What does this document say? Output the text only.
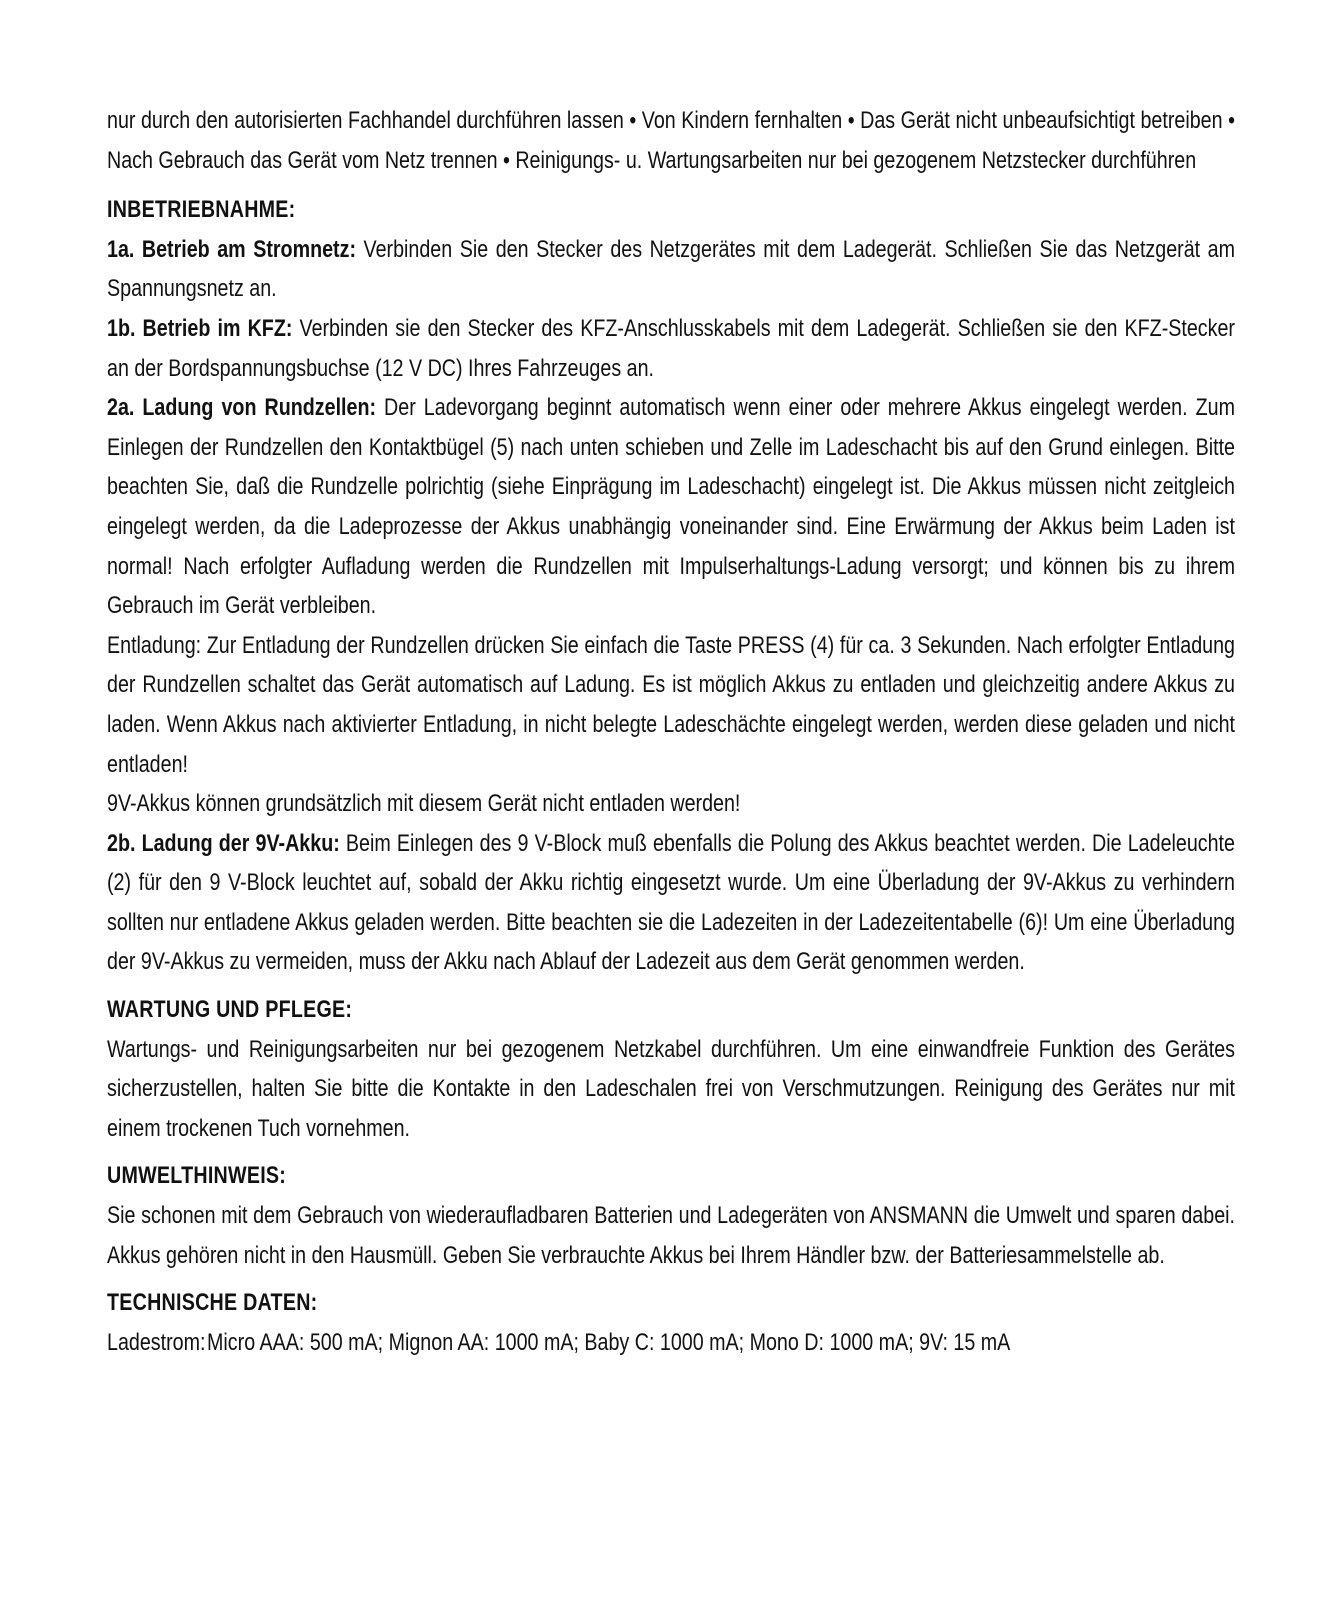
nur durch den autorisierten Fachhandel durchführen lassen • Von Kindern fernhalten • Das Gerät nicht unbeaufsichtigt betreiben • Nach Gebrauch das Gerät vom Netz trennen • Reinigungs- u. Wartungsarbeiten nur bei gezogenem Netzstecker durchführen

INBETRIEBNAHME:

1a. Betrieb am Stromnetz: Verbinden Sie den Stecker des Netzgerätes mit dem Ladegerät. Schließen Sie das Netzgerät am Spannungsnetz an.

1b. Betrieb im KFZ: Verbinden sie den Stecker des KFZ-Anschlusskabels mit dem Ladegerät. Schließen sie den KFZ-Stecker an der Bordspannungsbuchse (12 V DC) Ihres Fahrzeuges an.

2a. Ladung von Rundzellen: Der Ladevorgang beginnt automatisch wenn einer oder mehrere Akkus eingelegt werden. Zum Einlegen der Rundzellen den Kontaktbügel (5) nach unten schieben und Zelle im Ladeschacht bis auf den Grund einlegen. Bitte beachten Sie, daß die Rundzelle polrichtig (siehe Einprägung im Ladeschacht) eingelegt ist. Die Akkus müssen nicht zeitgleich eingelegt werden, da die Ladeprozesse der Akkus unabhängig voneinander sind. Eine Erwärmung der Akkus beim Laden ist normal! Nach erfolgter Aufladung werden die Rundzellen mit Impulserhaltungs-Ladung versorgt; und können bis zu ihrem Gebrauch im Gerät verbleiben.

Entladung: Zur Entladung der Rundzellen drücken Sie einfach die Taste PRESS (4) für ca. 3 Sekunden. Nach erfolgter Entladung der Rundzellen schaltet das Gerät automatisch auf Ladung. Es ist möglich Akkus zu entladen und gleichzeitig andere Akkus zu laden. Wenn Akkus nach aktivierter Entladung, in nicht belegte Ladeschächte eingelegt werden, werden diese geladen und nicht entladen!

9V-Akkus können grundsätzlich mit diesem Gerät nicht entladen werden!

2b. Ladung der 9V-Akku: Beim Einlegen des 9 V-Block muß ebenfalls die Polung des Akkus beachtet werden. Die Ladeleuchte (2) für den 9 V-Block leuchtet auf, sobald der Akku richtig eingesetzt wurde. Um eine Überladung der 9V-Akkus zu verhindern sollten nur entladene Akkus geladen werden. Bitte beachten sie die Ladezeiten in der Ladezeitentabelle (6)! Um eine Überladung der 9V-Akkus zu vermeiden, muss der Akku nach Ablauf der Ladezeit aus dem Gerät genommen werden.

WARTUNG UND PFLEGE:

Wartungs- und Reinigungsarbeiten nur bei gezogenem Netzkabel durchführen. Um eine einwandfreie Funktion des Gerätes sicherzustellen, halten Sie bitte die Kontakte in den Ladeschalen frei von Verschmutzungen. Reinigung des Gerätes nur mit einem trockenen Tuch vornehmen.

UMWELTHINWEIS:

Sie schonen mit dem Gebrauch von wiederaufladbaren Batterien und Ladegeräten von ANSMANN die Umwelt und sparen dabei. Akkus gehören nicht in den Hausmüll. Geben Sie verbrauchte Akkus bei Ihrem Händler bzw. der Batteriesammelstelle ab.

TECHNISCHE DATEN:

Ladestrom:Micro AAA: 500 mA; Mignon AA: 1000 mA; Baby C: 1000 mA; Mono D: 1000 mA; 9V: 15 mA
